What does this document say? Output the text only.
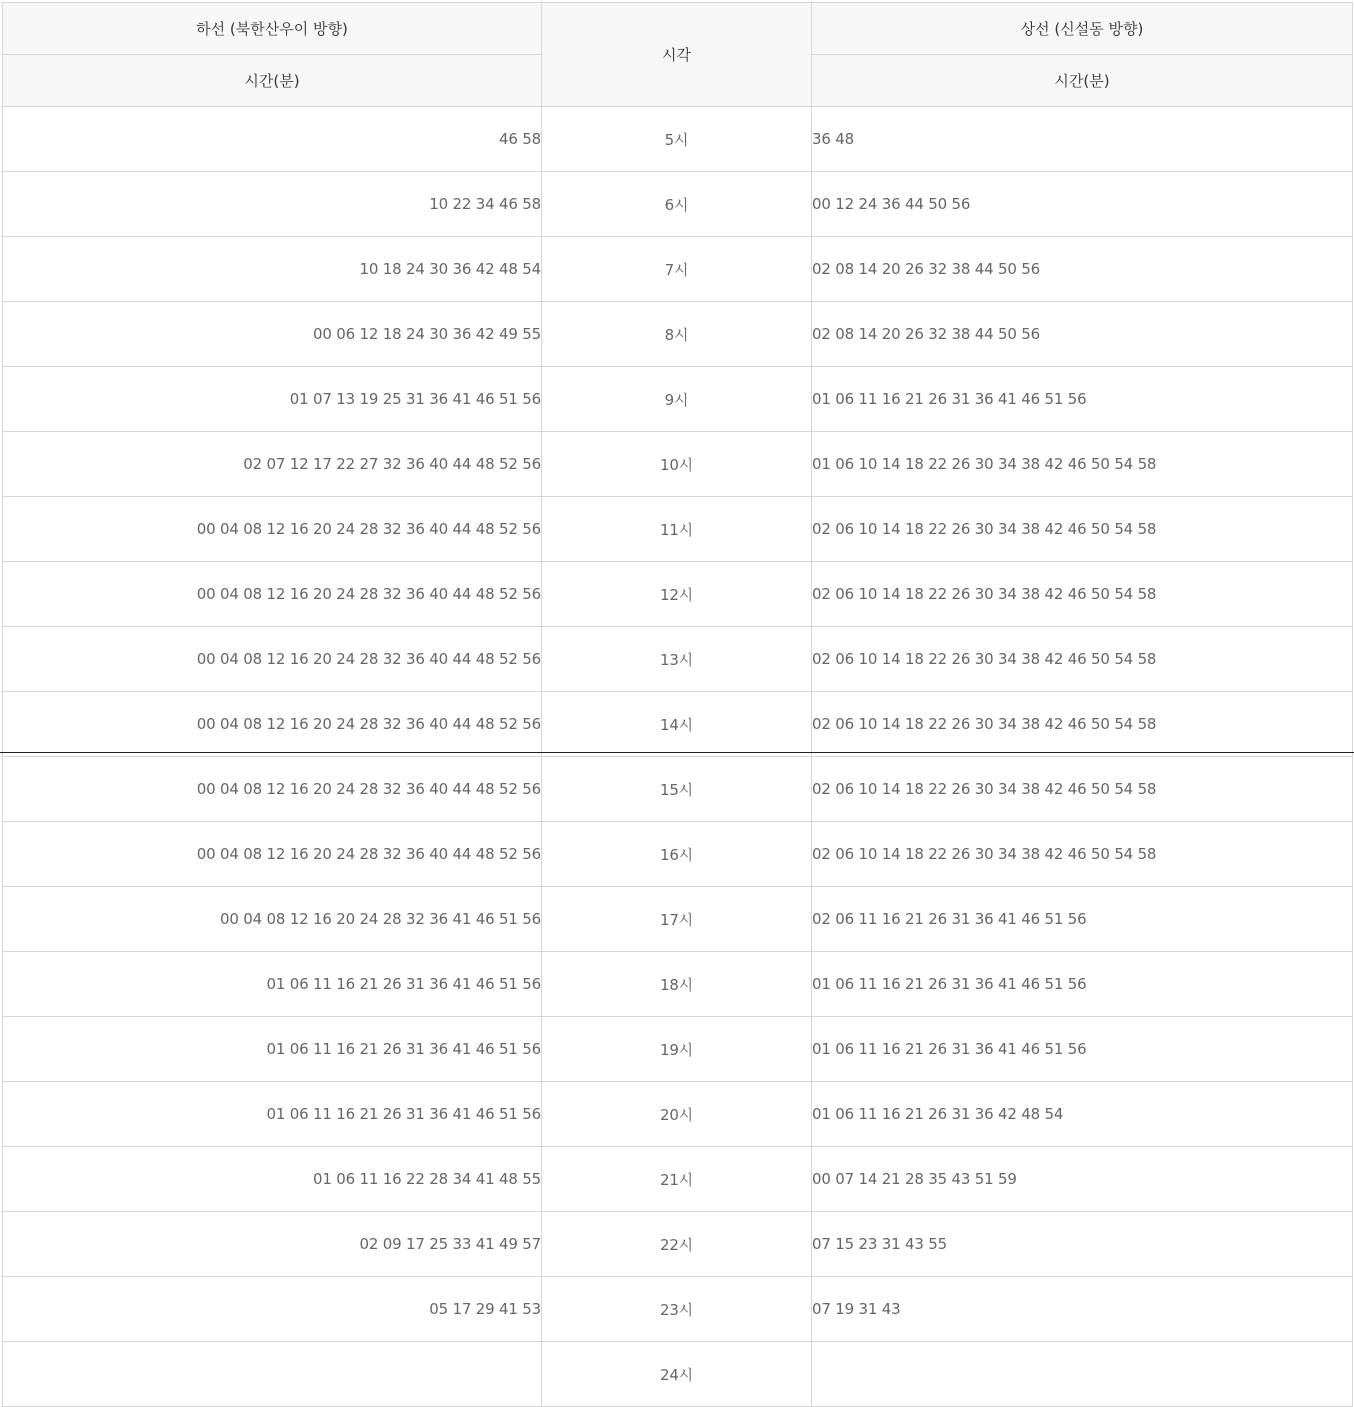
하선 (북한산우이 방향)	시각	상선 (신설동 방향)
시간(분)		시간(분)
46 58	5시	36 48
10 22 34 46 58	6시	00 12 24 36 44 50 56
10 18 24 30 36 42 48 54	7시	02 08 14 20 26 32 38 44 50 56
00 06 12 18 24 30 36 42 49 55	8시	02 08 14 20 26 32 38 44 50 56
01 07 13 19 25 31 36 41 46 51 56	9시	01 06 11 16 21 26 31 36 41 46 51 56
02 07 12 17 22 27 32 36 40 44 48 52 56	10시	01 06 10 14 18 22 26 30 34 38 42 46 50 54 58
00 04 08 12 16 20 24 28 32 36 40 44 48 52 56	11시	02 06 10 14 18 22 26 30 34 38 42 46 50 54 58
00 04 08 12 16 20 24 28 32 36 40 44 48 52 56	12시	02 06 10 14 18 22 26 30 34 38 42 46 50 54 58
00 04 08 12 16 20 24 28 32 36 40 44 48 52 56	13시	02 06 10 14 18 22 26 30 34 38 42 46 50 54 58
00 04 08 12 16 20 24 28 32 36 40 44 48 52 56	14시	02 06 10 14 18 22 26 30 34 38 42 46 50 54 58
00 04 08 12 16 20 24 28 32 36 40 44 48 52 56	15시	02 06 10 14 18 22 26 30 34 38 42 46 50 54 58
00 04 08 12 16 20 24 28 32 36 40 44 48 52 56	16시	02 06 10 14 18 22 26 30 34 38 42 46 50 54 58
00 04 08 12 16 20 24 28 32 36 41 46 51 56	17시	02 06 11 16 21 26 31 36 41 46 51 56
01 06 11 16 21 26 31 36 41 46 51 56	18시	01 06 11 16 21 26 31 36 41 46 51 56
01 06 11 16 21 26 31 36 41 46 51 56	19시	01 06 11 16 21 26 31 36 41 46 51 56
01 06 11 16 21 26 31 36 41 46 51 56	20시	01 06 11 16 21 26 31 36 42 48 54
01 06 11 16 22 28 34 41 48 55	21시	00 07 14 21 28 35 43 51 59
02 09 17 25 33 41 49 57	22시	07 15 23 31 43 55
05 17 29 41 53	23시	07 19 31 43
	24시	
